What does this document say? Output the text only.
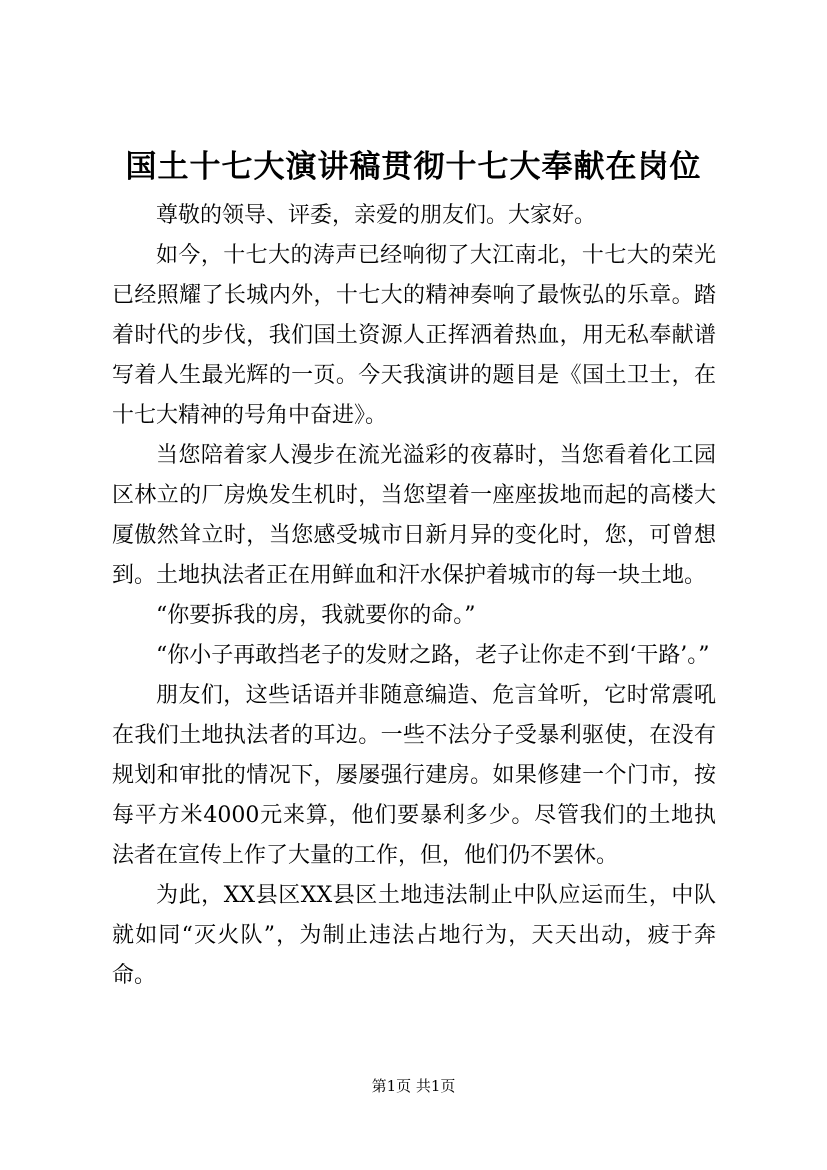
国土十七大演讲稿贯彻十七大奉献在岗位

尊敬的领导、评委，亲爱的朋友们。大家好。

如今，十七大的涛声已经响彻了大江南北，十七大的荣光已经照耀了长城内外，十七大的精神奏响了最恢弘的乐章。踏着时代的步伐，我们国土资源人正挥洒着热血，用无私奉献谱写着人生最光辉的一页。今天我演讲的题目是《国土卫士，在十七大精神的号角中奋进》。

当您陪着家人漫步在流光溢彩的夜幕时，当您看着化工园区林立的厂房焕发生机时，当您望着一座座拔地而起的高楼大厦傲然耸立时，当您感受城市日新月异的变化时，您，可曾想到。土地执法者正在用鲜血和汗水保护着城市的每一块土地。

“你要拆我的房，我就要你的命。”

“你小子再敢挡老子的发财之路，老子让你走不到‘干路’。”

朋友们，这些话语并非随意编造、危言耸听，它时常震吼在我们土地执法者的耳边。一些不法分子受暴利驱使，在没有规划和审批的情况下，屡屡强行建房。如果修建一个门市，按每平方米4000元来算，他们要暴利多少。尽管我们的土地执法者在宣传上作了大量的工作，但，他们仍不罢休。

为此，XX县区XX县区土地违法制止中队应运而生，中队就如同“灭火队”，为制止违法占地行为，天天出动，疲于奔命。

第1页 共1页
